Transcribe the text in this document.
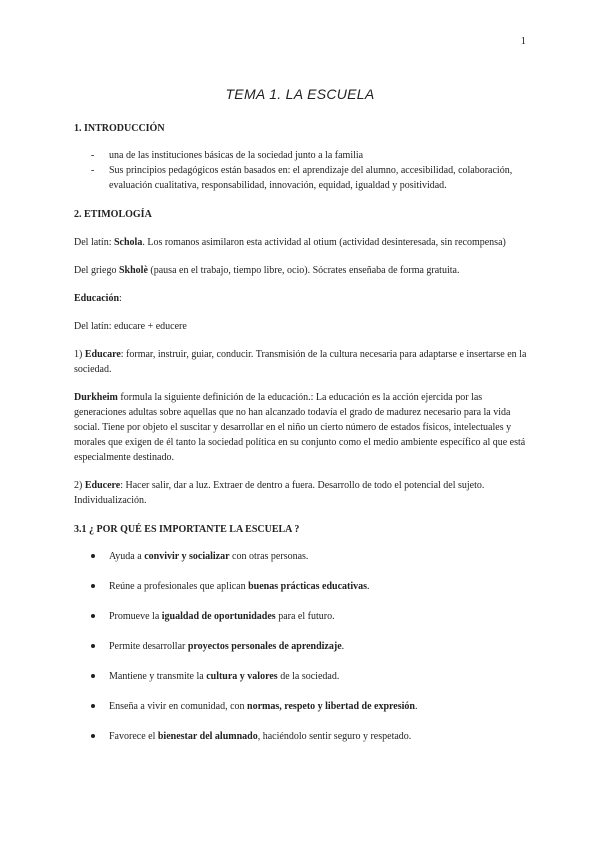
1
TEMA 1. LA ESCUELA

1. INTRODUCCIÓN

- una de las instituciones básicas de la sociedad junto a la familia
- Sus principios pedagógicos están basados en: el aprendizaje del alumno, accesibilidad, colaboración, evaluación cualitativa, responsabilidad, innovación, equidad, igualdad y positividad.

2. ETIMOLOGÍA

Del latín: Schola. Los romanos asimilaron esta actividad al otium (actividad desinteresada, sin recompensa)

Del griego Skholè (pausa en el trabajo, tiempo libre, ocio). Sócrates enseñaba de forma gratuita.

Educación:

Del latín: educare + educere

1) Educare: formar, instruir, guiar, conducir. Transmisión de la cultura necesaria para adaptarse e insertarse en la sociedad.

Durkheim formula la siguiente definición de la educación.: La educación es la acción ejercida por las generaciones adultas sobre aquellas que no han alcanzado todavía el grado de madurez necesario para la vida social. Tiene por objeto el suscitar y desarrollar en el niño un cierto número de estados físicos, intelectuales y morales que exigen de él tanto la sociedad política en su conjunto como el medio ambiente específico al que está especialmente destinado.

2) Educere: Hacer salir, dar a luz. Extraer de dentro a fuera. Desarrollo de todo el potencial del sujeto. Individualización.

3.1 ¿ POR QUÉ ES IMPORTANTE LA ESCUELA ?

Ayuda a convivir y socializar con otras personas.
Reúne a profesionales que aplican buenas prácticas educativas.
Promueve la igualdad de oportunidades para el futuro.
Permite desarrollar proyectos personales de aprendizaje.
Mantiene y transmite la cultura y valores de la sociedad.
Enseña a vivir en comunidad, con normas, respeto y libertad de expresión.
Favorece el bienestar del alumnado, haciéndolo sentir seguro y respetado.
